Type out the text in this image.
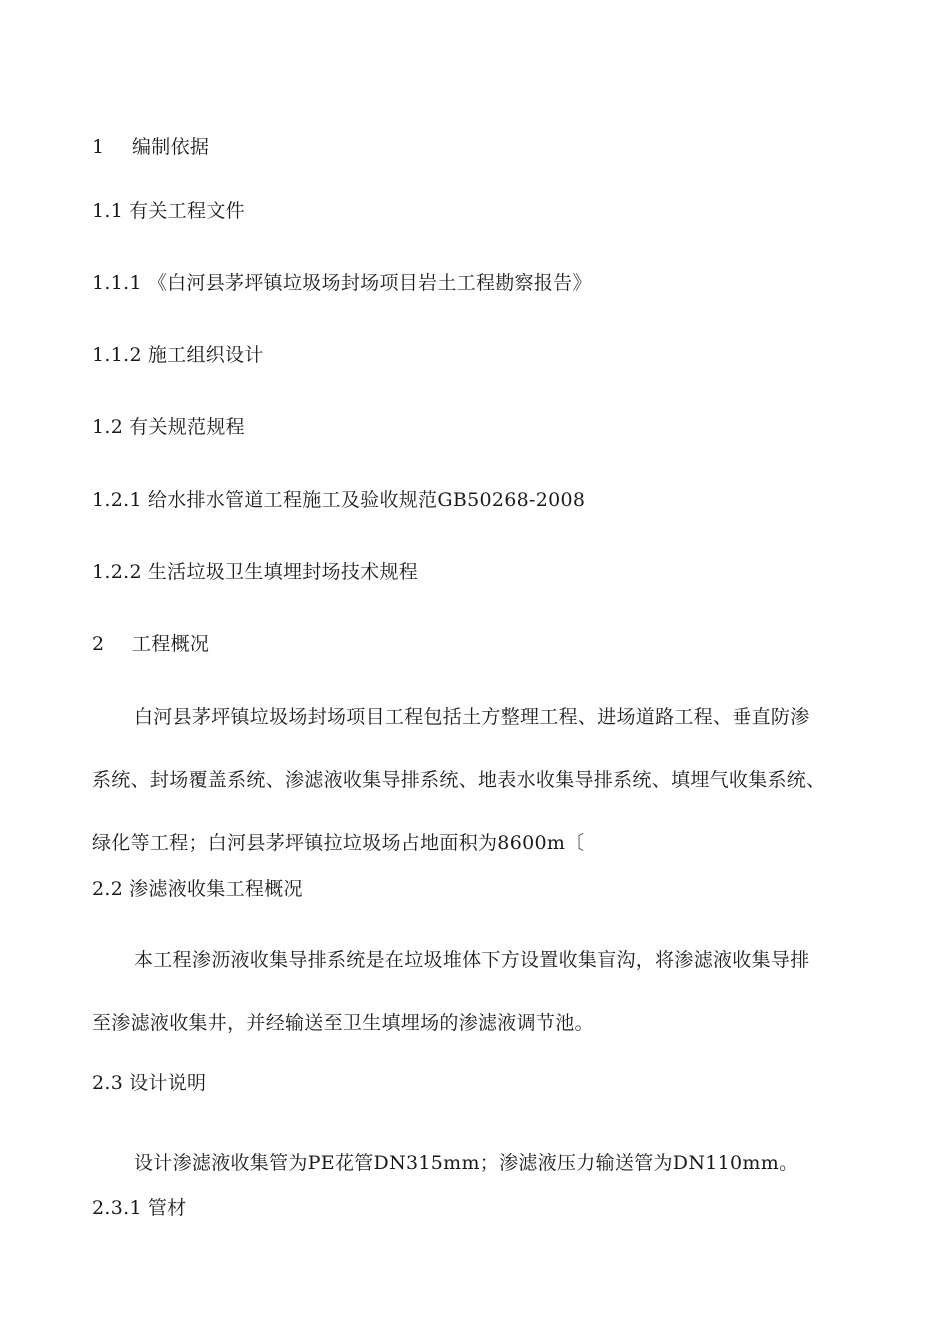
1 编制依据
1.1 有关工程文件
1.1.1 《白河县茅坪镇垃圾场封场项目岩土工程勘察报告》
1.1.2 施工组织设计
1.2 有关规范规程
1.2.1 给水排水管道工程施工及验收规范GB50268-2008
1.2.2 生活垃圾卫生填埋封场技术规程
2 工程概况
白河县茅坪镇垃圾场封场项目工程包括土方整理工程、进场道路工程、垂直防渗
系统、封场覆盖系统、渗滤液收集导排系统、地表水收集导排系统、填埋气收集系统、
绿化等工程；白河县茅坪镇拉垃圾场占地面积为8600m〔
2.2 渗滤液收集工程概况
本工程渗沥液收集导排系统是在垃圾堆体下方设置收集盲沟，将渗滤液收集导排
至渗滤液收集井，并经输送至卫生填埋场的渗滤液调节池。
2.3 设计说明
设计渗滤液收集管为PE花管DN315mm；渗滤液压力输送管为DN110mm。
2.3.1 管材
